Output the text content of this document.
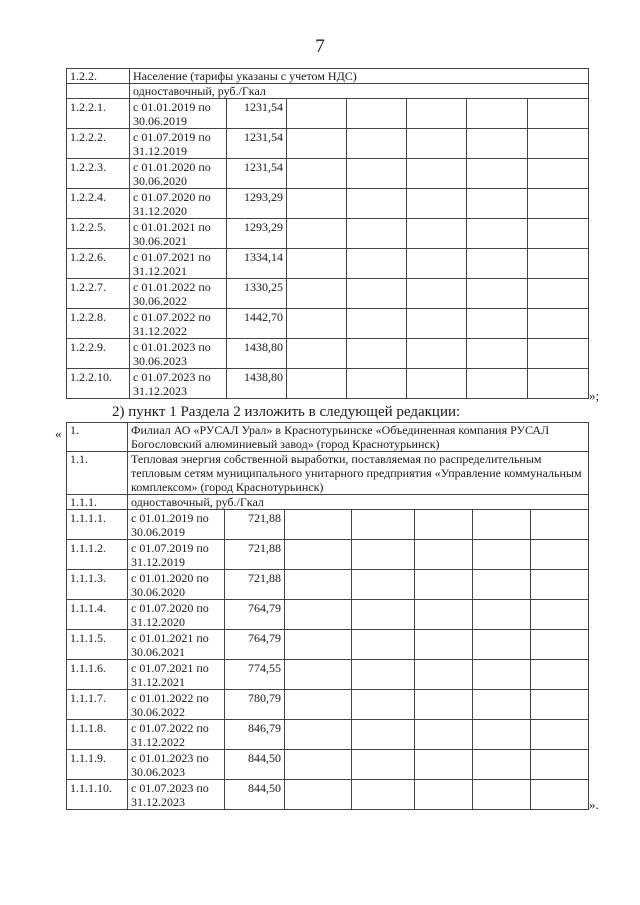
7
1.2.2.	Население (тарифы указаны с учетом НДС)						
	одноставочный, руб./Гкал						
1.2.2.1.	с 01.01.2019 по 30.06.2019	1231,54					
1.2.2.2.	с 01.07.2019 по 31.12.2019	1231,54					
1.2.2.3.	с 01.01.2020 по 30.06.2020	1231,54					
1.2.2.4.	с 01.07.2020 по 31.12.2020	1293,29					
1.2.2.5.	с 01.01.2021 по 30.06.2021	1293,29					
1.2.2.6.	с 01.07.2021 по 31.12.2021	1334,14					
1.2.2.7.	с 01.01.2022 по 30.06.2022	1330,25					
1.2.2.8.	с 01.07.2022 по 31.12.2022	1442,70					
1.2.2.9.	с 01.01.2023 по 30.06.2023	1438,80					
1.2.2.10.	с 01.07.2023 по 31.12.2023	1438,80					
»;
2) пункт 1 Раздела 2 изложить в следующей редакции:
« 1.	Филиал АО «РУСАЛ Урал» в Краснотурьинске «Объединенная компания РУСАЛ Богословский алюминиевый завод» (город Краснотурьинск)						
1.1.	Тепловая энергия собственной выработки, поставляемая по распределительным тепловым сетям муниципального унитарного предприятия «Управление коммунальным комплексом» (город Краснотурьинск)						
1.1.1.	одноставочный, руб./Гкал						
1.1.1.1.	с 01.01.2019 по 30.06.2019	721,88					
1.1.1.2.	с 01.07.2019 по 31.12.2019	721,88					
1.1.1.3.	с 01.01.2020 по 30.06.2020	721,88					
1.1.1.4.	с 01.07.2020 по 31.12.2020	764,79					
1.1.1.5.	с 01.01.2021 по 30.06.2021	764,79					
1.1.1.6.	с 01.07.2021 по 31.12.2021	774,55					
1.1.1.7.	с 01.01.2022 по 30.06.2022	780,79					
1.1.1.8.	с 01.07.2022 по 31.12.2022	846,79					
1.1.1.9.	с 01.01.2023 по 30.06.2023	844,50					
1.1.1.10.	с 01.07.2023 по 31.12.2023	844,50					
».
